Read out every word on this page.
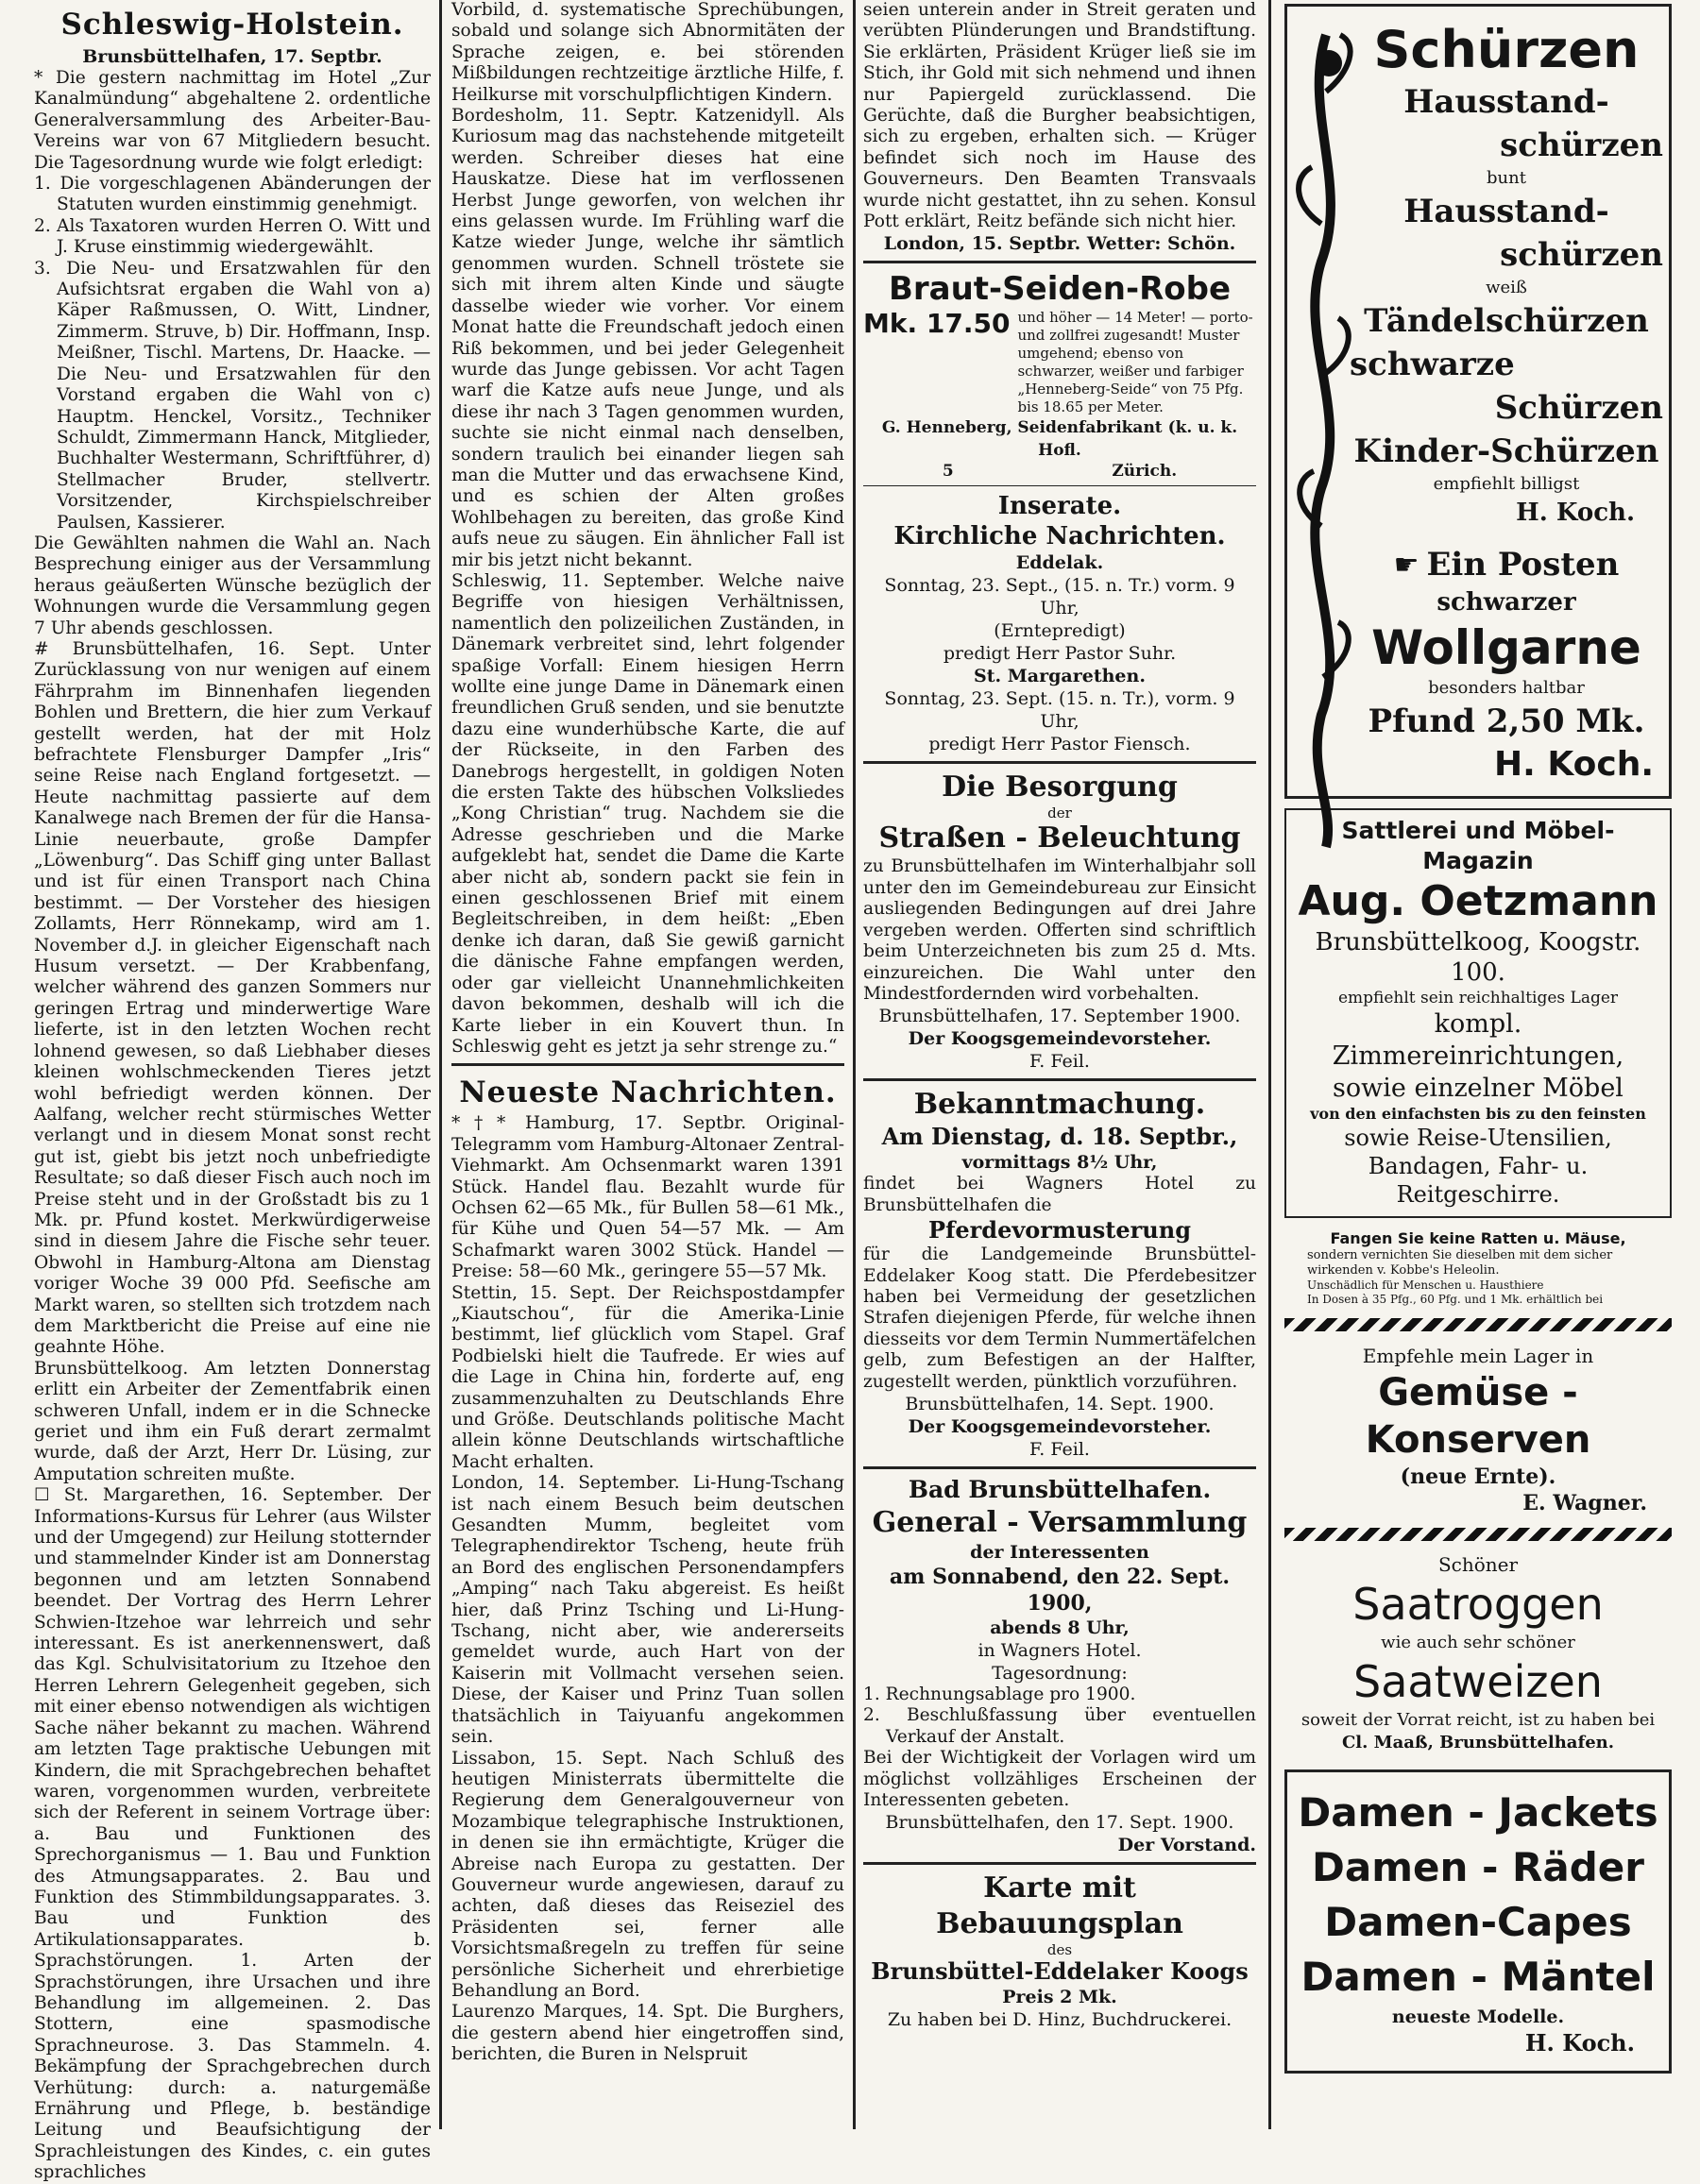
Schleswig-Holstein.

Brunsbüttelhafen, 17. Septbr.

* Die gestern nachmittag im Hotel „Zur Kanalmündung“ abgehaltene 2. ordentliche Generalversammlung des Arbeiter-Bau-Vereins war von 67 Mitgliedern besucht. Die Tagesordnung wurde wie folgt erledigt:

1. Die vorgeschlagenen Abänderungen der Statuten wurden einstimmig genehmigt.

2. Als Taxatoren wurden Herren O. Witt und J. Kruse einstimmig wiedergewählt.

3. Die Neu- und Ersatzwahlen für den Aufsichtsrat ergaben die Wahl von a) Käper Raßmussen, O. Witt, Lindner, Zimmerm. Struve, b) Dir. Hoffmann, Insp. Meißner, Tischl. Martens, Dr. Haacke. — Die Neu- und Ersatzwahlen für den Vorstand ergaben die Wahl von c) Hauptm. Henckel, Vorsitz., Techniker Schuldt, Zimmermann Hanck, Mitglieder, Buchhalter Westermann, Schriftführer, d) Stellmacher Bruder, stellvertr. Vorsitzender, Kirchspielschreiber Paulsen, Kassierer.

Die Gewählten nahmen die Wahl an. Nach Besprechung einiger aus der Versammlung heraus geäußerten Wünsche bezüglich der Wohnungen wurde die Versammlung gegen 7 Uhr abends geschlossen.

# Brunsbüttelhafen, 16. Sept. Unter Zurücklassung von nur wenigen auf einem Fährprahm im Binnenhafen liegenden Bohlen und Brettern, die hier zum Verkauf gestellt werden, hat der mit Holz befrachtete Flensburger Dampfer „Iris“ seine Reise nach England fortgesetzt. — Heute nachmittag passierte auf dem Kanalwege nach Bremen der für die Hansa-Linie neuerbaute, große Dampfer „Löwenburg“. Das Schiff ging unter Ballast und ist für einen Transport nach China bestimmt. — Der Vorsteher des hiesigen Zollamts, Herr Rönnekamp, wird am 1. November d.J. in gleicher Eigenschaft nach Husum versetzt. — Der Krabbenfang, welcher während des ganzen Sommers nur geringen Ertrag und minderwertige Ware lieferte, ist in den letzten Wochen recht lohnend gewesen, so daß Liebhaber dieses kleinen wohlschmeckenden Tieres jetzt wohl befriedigt werden können. Der Aalfang, welcher recht stürmisches Wetter verlangt und in diesem Monat sonst recht gut ist, giebt bis jetzt noch unbefriedigte Resultate; so daß dieser Fisch auch noch im Preise steht und in der Großstadt bis zu 1 Mk. pr. Pfund kostet. Merkwürdigerweise sind in diesem Jahre die Fische sehr teuer. Obwohl in Hamburg-Altona am Dienstag voriger Woche 39 000 Pfd. Seefische am Markt waren, so stellten sich trotzdem nach dem Marktbericht die Preise auf eine nie geahnte Höhe.

Brunsbüttelkoog. Am letzten Donnerstag erlitt ein Arbeiter der Zementfabrik einen schweren Unfall, indem er in die Schnecke geriet und ihm ein Fuß derart zermalmt wurde, daß der Arzt, Herr Dr. Lüsing, zur Amputation schreiten mußte.

☐ St. Margarethen, 16. September. Der Informations-Kursus für Lehrer (aus Wilster und der Umgegend) zur Heilung stotternder und stammelnder Kinder ist am Donnerstag begonnen und am letzten Sonnabend beendet. Der Vortrag des Herrn Lehrer Schwien-Itzehoe war lehrreich und sehr interessant. Es ist anerkennenswert, daß das Kgl. Schulvisitatorium zu Itzehoe den Herren Lehrern Gelegenheit gegeben, sich mit einer ebenso notwendigen als wichtigen Sache näher bekannt zu machen. Während am letzten Tage praktische Uebungen mit Kindern, die mit Sprachgebrechen behaftet waren, vorgenommen wurden, verbreitete sich der Referent in seinem Vortrage über: a. Bau und Funktionen des Sprechorganismus — 1. Bau und Funktion des Atmungsapparates. 2. Bau und Funktion des Stimmbildungsapparates. 3. Bau und Funktion des Artikulationsapparates. b. Sprachstörungen. 1. Arten der Sprachstörungen, ihre Ursachen und ihre Behandlung im allgemeinen. 2. Das Stottern, eine spasmodische Sprachneurose. 3. Das Stammeln. 4. Bekämpfung der Sprachgebrechen durch Verhütung: durch: a. naturgemäße Ernährung und Pflege, b. beständige Leitung und Beaufsichtigung der Sprachleistungen des Kindes, c. ein gutes sprachliches

Vorbild, d. systematische Sprechübungen, sobald und solange sich Abnormitäten der Sprache zeigen, e. bei störenden Mißbildungen rechtzeitige ärztliche Hilfe, f. Heilkurse mit vorschulpflichtigen Kindern.

Bordesholm, 11. Septr. Katzenidyll. Als Kuriosum mag das nachstehende mitgeteilt werden. Schreiber dieses hat eine Hauskatze. Diese hat im verflossenen Herbst Junge geworfen, von welchen ihr eins gelassen wurde. Im Frühling warf die Katze wieder Junge, welche ihr sämtlich genommen wurden. Schnell tröstete sie sich mit ihrem alten Kinde und säugte dasselbe wieder wie vorher. Vor einem Monat hatte die Freundschaft jedoch einen Riß bekommen, und bei jeder Gelegenheit wurde das Junge gebissen. Vor acht Tagen warf die Katze aufs neue Junge, und als diese ihr nach 3 Tagen genommen wurden, suchte sie nicht einmal nach denselben, sondern traulich bei einander liegen sah man die Mutter und das erwachsene Kind, und es schien der Alten großes Wohlbehagen zu bereiten, das große Kind aufs neue zu säugen. Ein ähnlicher Fall ist mir bis jetzt nicht bekannt.

Schleswig, 11. September. Welche naive Begriffe von hiesigen Verhältnissen, namentlich den polizeilichen Zuständen, in Dänemark verbreitet sind, lehrt folgender spaßige Vorfall: Einem hiesigen Herrn wollte eine junge Dame in Dänemark einen freundlichen Gruß senden, und sie benutzte dazu eine wunderhübsche Karte, die auf der Rückseite, in den Farben des Danebrogs hergestellt, in goldigen Noten die ersten Takte des hübschen Volksliedes „Kong Christian“ trug. Nachdem sie die Adresse geschrieben und die Marke aufgeklebt hat, sendet die Dame die Karte aber nicht ab, sondern packt sie fein in einen geschlossenen Brief mit einem Begleitschreiben, in dem heißt: „Eben denke ich daran, daß Sie gewiß garnicht die dänische Fahne empfangen werden, oder gar vielleicht Unannehmlichkeiten davon bekommen, deshalb will ich die Karte lieber in ein Kouvert thun. In Schleswig geht es jetzt ja sehr strenge zu.“

Neueste Nachrichten.

*†* Hamburg, 17. Septbr. Original-Telegramm vom Hamburg-Altonaer Zentral-Viehmarkt. Am Ochsenmarkt waren 1391 Stück. Handel flau. Bezahlt wurde für Ochsen 62—65 Mk., für Bullen 58—61 Mk., für Kühe und Quen 54—57 Mk. — Am Schafmarkt waren 3002 Stück. Handel — Preise: 58—60 Mk., geringere 55—57 Mk.

Stettin, 15. Sept. Der Reichspostdampfer „Kiautschou“, für die Amerika-Linie bestimmt, lief glücklich vom Stapel. Graf Podbielski hielt die Taufrede. Er wies auf die Lage in China hin, forderte auf, eng zusammenzuhalten zu Deutschlands Ehre und Größe. Deutschlands politische Macht allein könne Deutschlands wirtschaftliche Macht erhalten.

London, 14. September. Li-Hung-Tschang ist nach einem Besuch beim deutschen Gesandten Mumm, begleitet vom Telegraphendirektor Tscheng, heute früh an Bord des englischen Personendampfers „Amping“ nach Taku abgereist. Es heißt hier, daß Prinz Tsching und Li-Hung-Tschang, nicht aber, wie andererseits gemeldet wurde, auch Hart von der Kaiserin mit Vollmacht versehen seien. Diese, der Kaiser und Prinz Tuan sollen thatsächlich in Taiyuanfu angekommen sein.

Lissabon, 15. Sept. Nach Schluß des heutigen Ministerrats übermittelte die Regierung dem Generalgouverneur von Mozambique telegraphische Instruktionen, in denen sie ihn ermächtigte, Krüger die Abreise nach Europa zu gestatten. Der Gouverneur wurde angewiesen, darauf zu achten, daß dieses das Reiseziel des Präsidenten sei, ferner alle Vorsichtsmaßregeln zu treffen für seine persönliche Sicherheit und ehrerbietige Behandlung an Bord.

Laurenzo Marques, 14. Spt. Die Burghers, die gestern abend hier eingetroffen sind, berichten, die Buren in Nelspruit

seien unterein ander in Streit geraten und verübten Plünderungen und Brandstiftung. Sie erklärten, Präsident Krüger ließ sie im Stich, ihr Gold mit sich nehmend und ihnen nur Papiergeld zurücklassend. Die Gerüchte, daß die Burgher beabsichtigen, sich zu ergeben, erhalten sich. — Krüger befindet sich noch im Hause des Gouverneurs. Den Beamten Transvaals wurde nicht gestattet, ihn zu sehen. Konsul Pott erklärt, Reitz befände sich nicht hier.

London, 15. Septbr. Wetter: Schön.

Braut-Seiden-Robe

Mk. 17.50 und höher — 14 Meter! — porto- und zollfrei zugesandt! Muster umgehend; ebenso von schwarzer, weißer und farbiger „Henneberg-Seide“ von 75 Pfg. bis 18.65 per Meter.

G. Henneberg, Seidenfabrikant (k. u. k. Hofl.

5	Zürich.

Inserate.

Kirchliche Nachrichten.

Eddelak.

Sonntag, 23. Sept., (15. n. Tr.) vorm. 9 Uhr,

(Erntepredigt)

predigt Herr Pastor Suhr.

St. Margarethen.

Sonntag, 23. Sept. (15. n. Tr.), vorm. 9 Uhr,

predigt Herr Pastor Fiensch.

Die Besorgung

der

Straßen - Beleuchtung

zu Brunsbüttelhafen im Winterhalbjahr soll unter den im Gemeindebureau zur Einsicht ausliegenden Bedingungen auf drei Jahre vergeben werden. Offerten sind schriftlich beim Unterzeichneten bis zum 25 d. Mts. einzureichen. Die Wahl unter den Mindestfordernden wird vorbehalten.

Brunsbüttelhafen, 17. September 1900.

Der Koogsgemeindevorsteher.

F. Feil.

Bekanntmachung.

Am Dienstag, d. 18. Septbr.,

vormittags 8½ Uhr,

findet bei Wagners Hotel zu Brunsbüttelhafen die

Pferdevormusterung

für die Landgemeinde Brunsbüttel-Eddelaker Koog statt. Die Pferdebesitzer haben bei Vermeidung der gesetzlichen Strafen diejenigen Pferde, für welche ihnen diesseits vor dem Termin Nummertäfelchen gelb, zum Befestigen an der Halfter, zugestellt werden, pünktlich vorzuführen.

Brunsbüttelhafen, 14. Sept. 1900.

Der Koogsgemeindevorsteher.

F. Feil.

Bad Brunsbüttelhafen.

General - Versammlung

der Interessenten

am Sonnabend, den 22. Sept. 1900,

abends 8 Uhr,

in Wagners Hotel.

Tagesordnung:

1. Rechnungsablage pro 1900.

2. Beschlußfassung über eventuellen Verkauf der Anstalt.

Bei der Wichtigkeit der Vorlagen wird um möglichst vollzähliges Erscheinen der Interessenten gebeten.

Brunsbüttelhafen, den 17. Sept. 1900.

Der Vorstand.

Karte mit

Bebauungsplan

des

Brunsbüttel-Eddelaker Koogs

Preis 2 Mk.

Zu haben bei D. Hinz, Buchdruckerei.

Schürzen

Hausstand-

schürzen

bunt

Hausstand-

schürzen

weiß

Tändelschürzen

schwarze

Schürzen

Kinder-Schürzen

empfiehlt billigst

H. Koch.

☛ Ein Posten

schwarzer

Wollgarne

besonders haltbar

Pfund 2,50 Mk.

H. Koch.

Sattlerei und Möbel-Magazin

Aug. Oetzmann

Brunsbüttelkoog, Koogstr. 100.

empfiehlt sein reichhaltiges Lager

kompl. Zimmereinrichtungen,

sowie einzelner Möbel

von den einfachsten bis zu den feinsten

sowie Reise-Utensilien, Bandagen, Fahr- u. Reitgeschirre.

Fangen Sie keine Ratten u. Mäuse,

sondern vernichten Sie dieselben mit dem sicher wirkenden v. Kobbe's Heleolin.

Unschädlich für Menschen u. Hausthiere

In Dosen à 35 Pfg., 60 Pfg. und 1 Mk. erhältlich bei

Empfehle mein Lager in

Gemüse - Konserven

(neue Ernte).

E. Wagner.

Schöner

Saatroggen

wie auch sehr schöner

Saatweizen

soweit der Vorrat reicht, ist zu haben bei

Cl. Maaß, Brunsbüttelhafen.

Damen - Jackets

Damen - Räder

Damen-Capes

Damen - Mäntel

neueste Modelle.

H. Koch.
